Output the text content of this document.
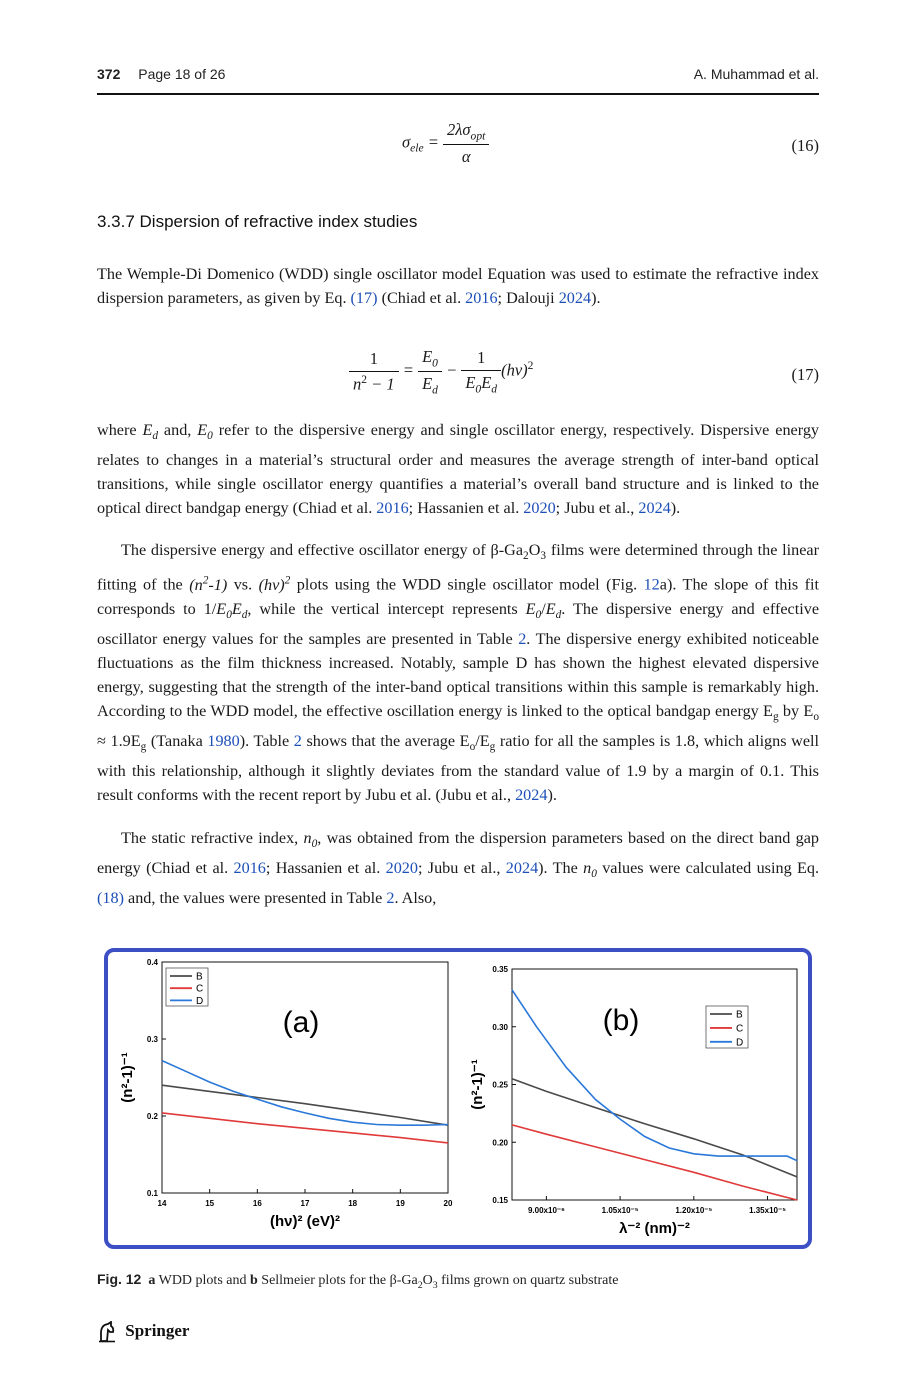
372 Page 18 of 26	A. Muhammad et al.
$\sigma_{ele} = \frac{2\lambda\sigma_{opt}}{\alpha}$	(16)
3.3.7 Dispersion of refractive index studies
The Wemple-Di Domenico (WDD) single oscillator model Equation was used to estimate the refractive index dispersion parameters, as given by Eq. (17) (Chiad et al. 2016; Dalouji 2024).
$\frac{1}{n^2 - 1} = \frac{E_0}{E_d} - \frac{1}{E_0E_d} (h\nu)^2$	(17)
where $E_d$ and, $E_0$ refer to the dispersive energy and single oscillator energy, respectively. Dispersive energy relates to changes in a material’s structural order and measures the average strength of inter-band optical transitions, while single oscillator energy quantifies a material’s overall band structure and is linked to the optical direct bandgap energy (Chiad et al. 2016; Hassanien et al. 2020; Jubu et al., 2024).
The dispersive energy and effective oscillator energy of $\beta-Ga_2O_3$ films were determined through the linear fitting of the $(n^2-1)$ vs. $(h\nu)^2$ plots using the WDD single oscillator model (Fig. 12a). The slope of this fit corresponds to $1/E_0E_d$, while the vertical intercept represents $E_0/E_d$. The dispersive energy and effective oscillator energy values for the samples are presented in Table 2. The dispersive energy exhibited noticeable fluctuations as the film thickness increased. Notably, sample D has shown the highest elevated dispersive energy, suggesting that the strength of the inter-band optical transitions within this sample is remarkably high. According to the WDD model, the effective oscillation energy is linked to the optical bandgap energy $E_g$ by $E_o \approx 1.9E_g$ (Tanaka 1980). Table 2 shows that the average $E_o/E_g$ ratio for all the samples is 1.8, which aligns well with this relationship, although it slightly deviates from the standard value of 1.9 by a margin of 0.1. This result conforms with the recent report by Jubu et al. (Jubu et al., 2024).
The static refractive index, $n_0$, was obtained from the dispersion parameters based on the direct band gap energy (Chiad et al. 2016; Hassanien et al. 2020; Jubu et al., 2024). The $n_0$ values were calculated using Eq. (18) and, the values were presented in Table 2. Also,
14	15	16	17	18	19	20
0.1
0.2
0.3
0.4
(hν)² (eV)²
(n²-1)⁻¹
(a)
B
C
D
9.00x10⁻⁶	1.05x10⁻⁵	1.20x10⁻⁵	1.35x10⁻⁵
0.15
0.20
0.25
0.30
0.35
λ⁻² (nm)⁻²
(n²-1)⁻¹
(b)	B
C
D
Fig. 12 a WDD plots and b Sellmeier plots for the $\beta-Ga_2O_3$ films grown on quartz substrate
Springer
